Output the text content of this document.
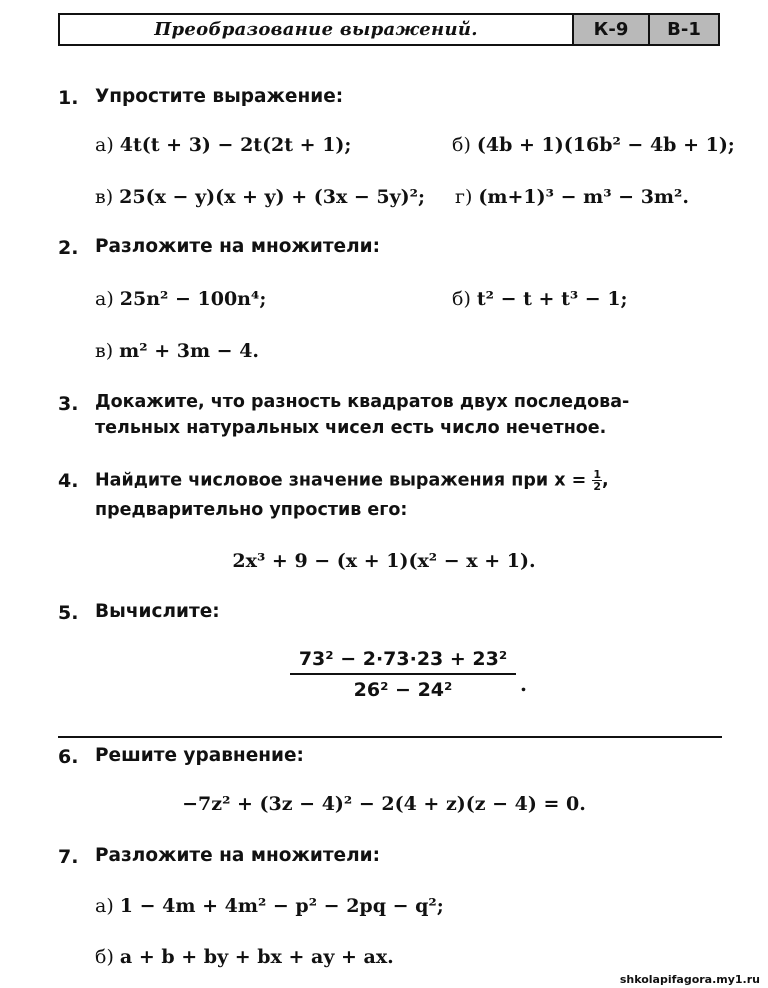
Преобразование выражений.	К-9	В-1
1. Упростите выражение:
а) 4t(t + 3) − 2t(2t + 1);	б) (4b + 1)(16b² − 4b + 1);
в) 25(x − y)(x + y) + (3x − 5y)²; г) (m+1)³ − m³ − 3m².
2. Разложите на множители:
а) 25n² − 100n⁴;	б) t² − t + t³ − 1;
в) m² + 3m − 4.
3. Докажите, что разность квадратов двух последова-
тельных натуральных чисел есть число нечетное.
4. Найдите числовое значение выражения при $x = \frac{1}{2}$ ,
предварительно упростив его:
2x³ + 9 − (x + 1)(x² − x + 1).
5. Вычислите:
$\frac{\text{73² − 2·73·23 + 23²}}{\text{26² − 24²}}$ .
6. Решите уравнение:
−7z² + (3z − 4)² − 2(4 + z)(z − 4) = 0.
7. Разложите на множители:
а) 1 − 4m + 4m² − p² − 2pq − q²;
б) a + b + by + bx + ay + ax.
shkolapifagora.my1.ru
